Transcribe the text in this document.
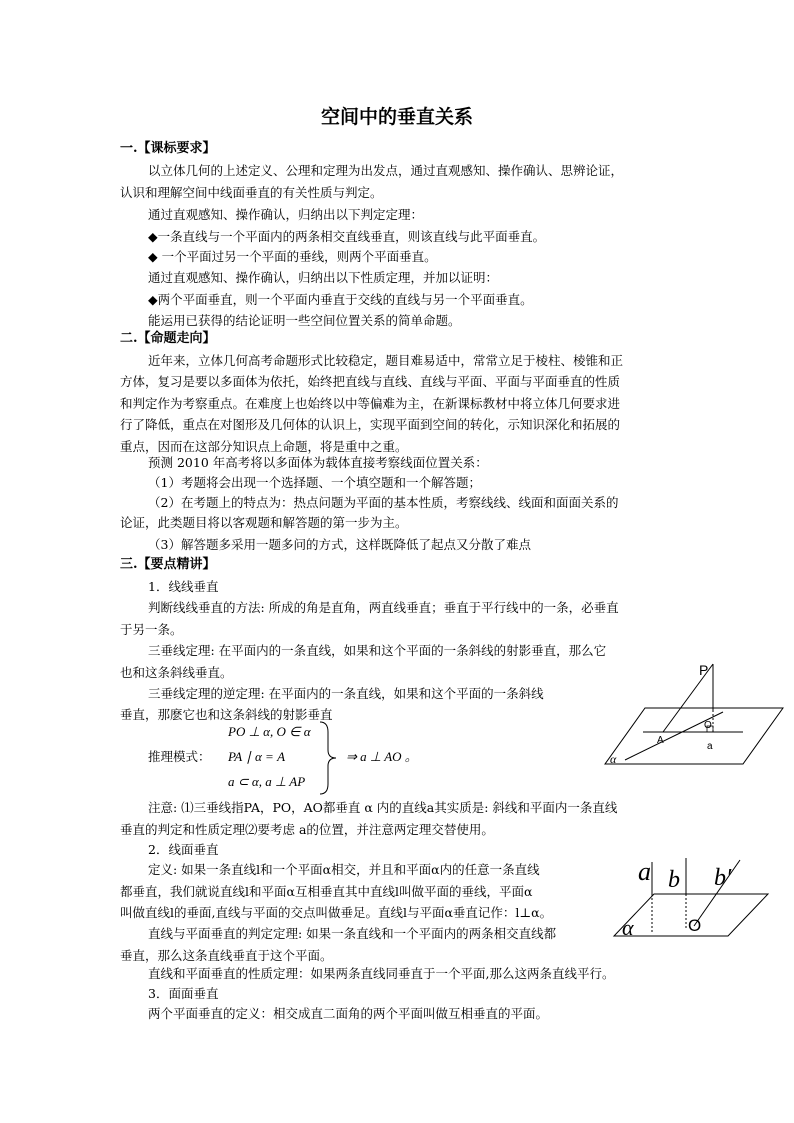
空间中的垂直关系
一.【课标要求】
以立体几何的上述定义、公理和定理为出发点，通过直观感知、操作确认、思辨论证，
认识和理解空间中线面垂直的有关性质与判定。
通过直观感知、操作确认，归纳出以下判定定理：
◆一条直线与一个平面内的两条相交直线垂直，则该直线与此平面垂直。
◆ 一个平面过另一个平面的垂线，则两个平面垂直。
通过直观感知、操作确认，归纳出以下性质定理，并加以证明：
◆两个平面垂直，则一个平面内垂直于交线的直线与另一个平面垂直。
能运用已获得的结论证明一些空间位置关系的简单命题。
二.【命题走向】
近年来，立体几何高考命题形式比较稳定，题目难易适中，常常立足于棱柱、棱锥和正
方体，复习是要以多面体为依托，始终把直线与直线、直线与平面、平面与平面垂直的性质
和判定作为考察重点。在难度上也始终以中等偏难为主，在新课标教材中将立体几何要求进
行了降低，重点在对图形及几何体的认识上，实现平面到空间的转化，示知识深化和拓展的
重点，因而在这部分知识点上命题，将是重中之重。
预测 2010 年高考将以多面体为载体直接考察线面位置关系：
（1）考题将会出现一个选择题、一个填空题和一个解答题；
（2）在考题上的特点为：热点问题为平面的基本性质，考察线线、线面和面面关系的
论证，此类题目将以客观题和解答题的第一步为主。
（3）解答题多采用一题多问的方式，这样既降低了起点又分散了难点
三.【要点精讲】
1．线线垂直
判断线线垂直的方法: 所成的角是直角，两直线垂直；垂直于平行线中的一条，必垂直
于另一条。
三垂线定理: 在平面内的一条直线，如果和这个平面的一条斜线的射影垂直，那么它
也和这条斜线垂直。
三垂线定理的逆定理: 在平面内的一条直线，如果和这个平面的一条斜线
垂直，那麽它也和这条斜线的射影垂直
推理模式：
PO ⊥ α, O ∈ α
PA ∣ α = A
a ⊂ α, a ⊥ AP
⇒ a ⊥ AO 。
注意: ⑴三垂线指PA，PO，AO都垂直 α 内的直线a其实质是: 斜线和平面内一条直线
垂直的判定和性质定理⑵要考虑 a的位置，并注意两定理交替使用。
2．线面垂直
定义: 如果一条直线l和一个平面α相交，并且和平面α内的任意一条直线
都垂直，我们就说直线l和平面α互相垂直其中直线l叫做平面的垂线，平面α
叫做直线l的垂面,直线与平面的交点叫做垂足。直线l与平面α垂直记作：l⊥α。
直线与平面垂直的判定定理: 如果一条直线和一个平面内的两条相交直线都
垂直，那么这条直线垂直于这个平面。
直线和平面垂直的性质定理：如果两条直线同垂直于一个平面,那么这两条直线平行。
3．面面垂直
两个平面垂直的定义：相交成直二面角的两个平面叫做互相垂直的平面。
P
O
A
a
α
a b b′
O
α
